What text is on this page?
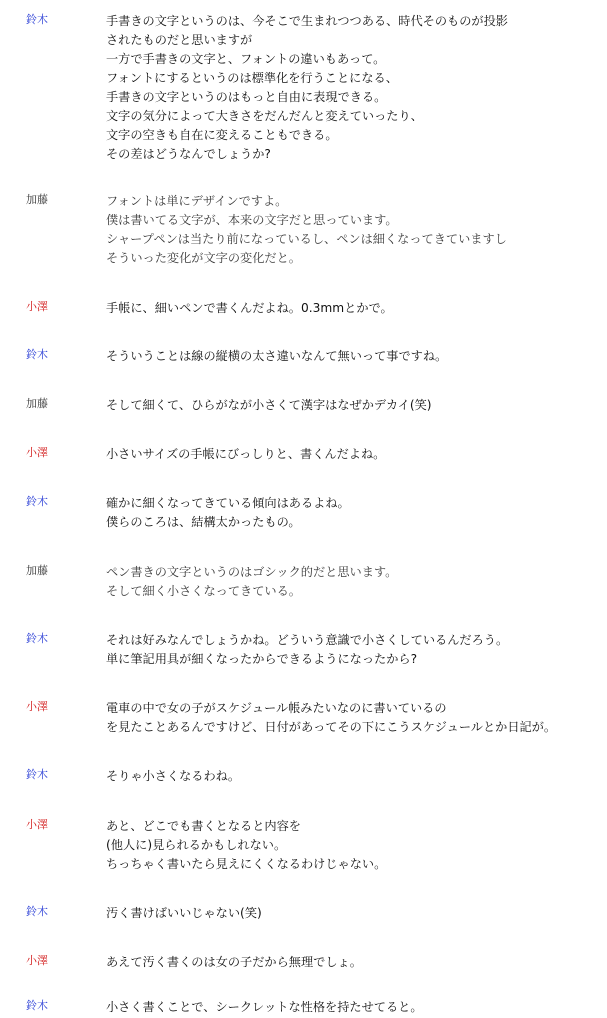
鈴木	手書きの文字というのは、今そこで生まれつつある、時代そのものが投影
されたものだと思いますが
一方で手書きの文字と、フォントの違いもあって。
フォントにするというのは標準化を行うことになる、
手書きの文字というのはもっと自由に表現できる。
文字の気分によって大きさをだんだんと変えていったり、
文字の空きも自在に変えることもできる。
その差はどうなんでしょうか?
加藤	フォントは単にデザインですよ。
僕は書いてる文字が、本来の文字だと思っています。
シャープペンは当たり前になっているし、ペンは細くなってきていますし
そういった変化が文字の変化だと。
小澤	手帳に、細いペンで書くんだよね。0.3mmとかで。
鈴木	そういうことは線の縦横の太さ違いなんて無いって事ですね。
加藤	そして細くて、ひらがなが小さくて漢字はなぜかデカイ(笑)
小澤	小さいサイズの手帳にびっしりと、書くんだよね。
鈴木	確かに細くなってきている傾向はあるよね。
僕らのころは、結構太かったもの。
加藤	ペン書きの文字というのはゴシック的だと思います。
そして細く小さくなってきている。
鈴木	それは好みなんでしょうかね。どういう意識で小さくしているんだろう。
単に筆記用具が細くなったからできるようになったから?
小澤	電車の中で女の子がスケジュール帳みたいなのに書いているの
を見たことあるんですけど、日付があってその下にこうスケジュールとか日記が。
鈴木	そりゃ小さくなるわね。
小澤	あと、どこでも書くとなると内容を
(他人に)見られるかもしれない。
ちっちゃく書いたら見えにくくなるわけじゃない。
鈴木	汚く書けばいいじゃない(笑)
小澤	あえて汚く書くのは女の子だから無理でしょ。
鈴木	小さく書くことで、シークレットな性格を持たせてると。
